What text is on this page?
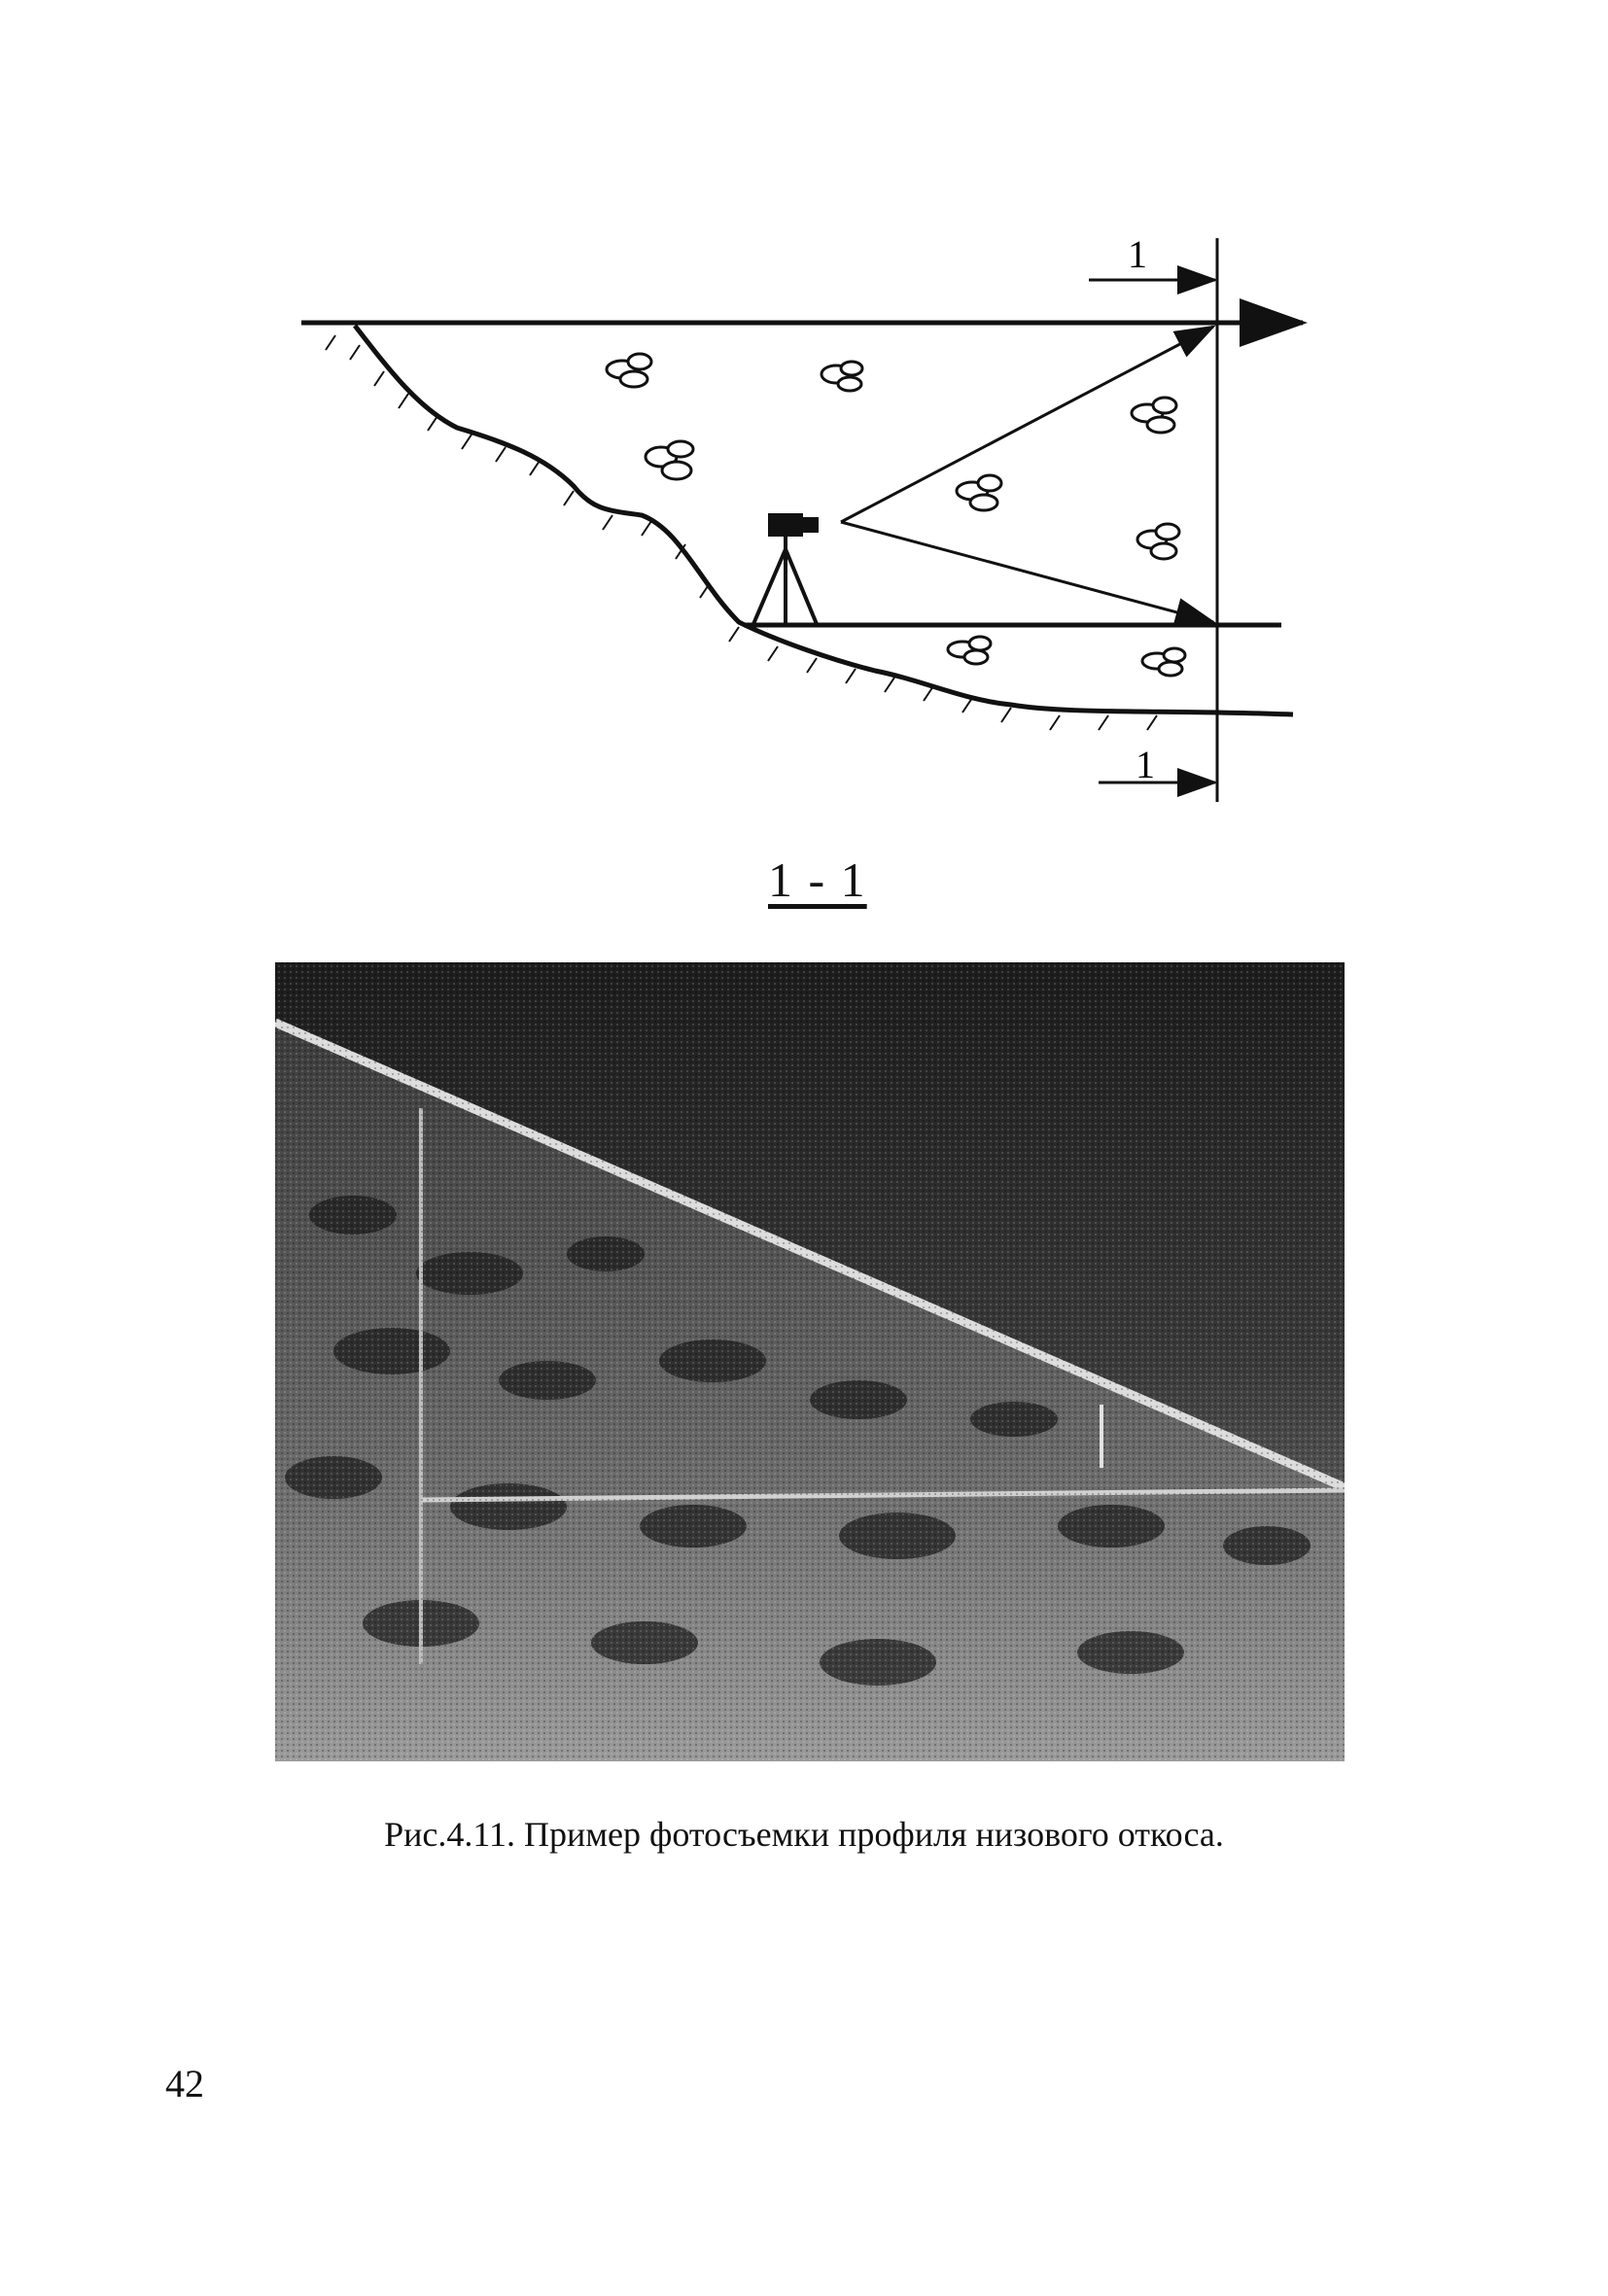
1
1
1 - 1
Рис.4.11. Пример фотосъемки профиля низового откоса.
42
